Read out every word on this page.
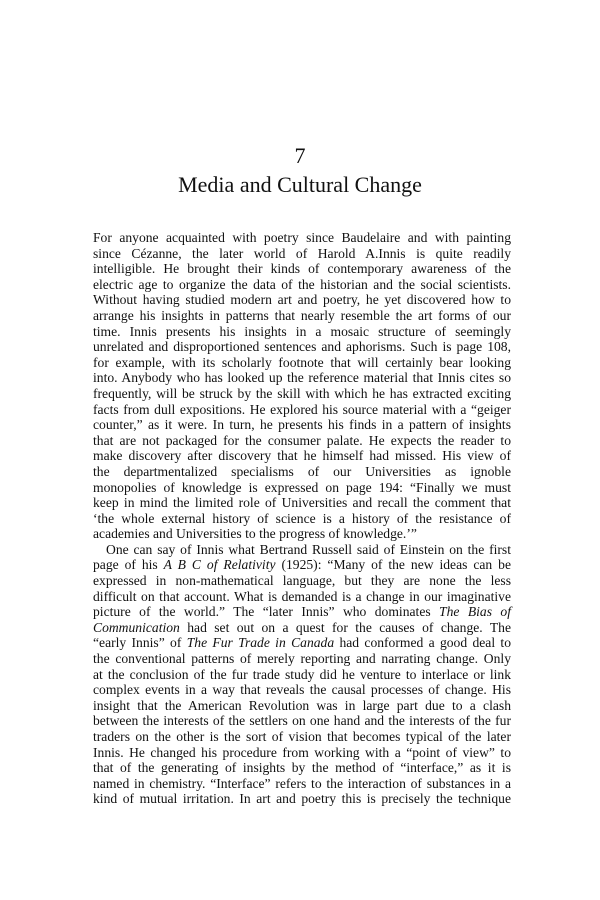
7
Media and Cultural Change
For anyone acquainted with poetry since Baudelaire and with painting
since Cézanne, the later world of Harold A.Innis is quite readily
intelligible. He brought their kinds of contemporary awareness of the
electric age to organize the data of the historian and the social scientists.
Without having studied modern art and poetry, he yet discovered how to
arrange his insights in patterns that nearly resemble the art forms of our
time. Innis presents his insights in a mosaic structure of seemingly
unrelated and disproportioned sentences and aphorisms. Such is page 108,
for example, with its scholarly footnote that will certainly bear looking
into. Anybody who has looked up the reference material that Innis cites so
frequently, will be struck by the skill with which he has extracted exciting
facts from dull expositions. He explored his source material with a “geiger
counter,” as it were. In turn, he presents his finds in a pattern of insights
that are not packaged for the consumer palate. He expects the reader to
make discovery after discovery that he himself had missed. His view of
the departmentalized specialisms of our Universities as ignoble
monopolies of knowledge is expressed on page 194: “Finally we must
keep in mind the limited role of Universities and recall the comment that
‘the whole external history of science is a history of the resistance of
academies and Universities to the progress of knowledge.’”
One can say of Innis what Bertrand Russell said of Einstein on the first
page of his A B C of Relativity (1925): “Many of the new ideas can be
expressed in non-mathematical language, but they are none the less
difficult on that account. What is demanded is a change in our imaginative
picture of the world.” The “later Innis” who dominates The Bias of
Communication had set out on a quest for the causes of change. The
“early Innis” of The Fur Trade in Canada had conformed a good deal to
the conventional patterns of merely reporting and narrating change. Only
at the conclusion of the fur trade study did he venture to interlace or link
complex events in a way that reveals the causal processes of change. His
insight that the American Revolution was in large part due to a clash
between the interests of the settlers on one hand and the interests of the fur
traders on the other is the sort of vision that becomes typical of the later
Innis. He changed his procedure from working with a “point of view” to
that of the generating of insights by the method of “interface,” as it is
named in chemistry. “Interface” refers to the interaction of substances in a
kind of mutual irritation. In art and poetry this is precisely the technique
